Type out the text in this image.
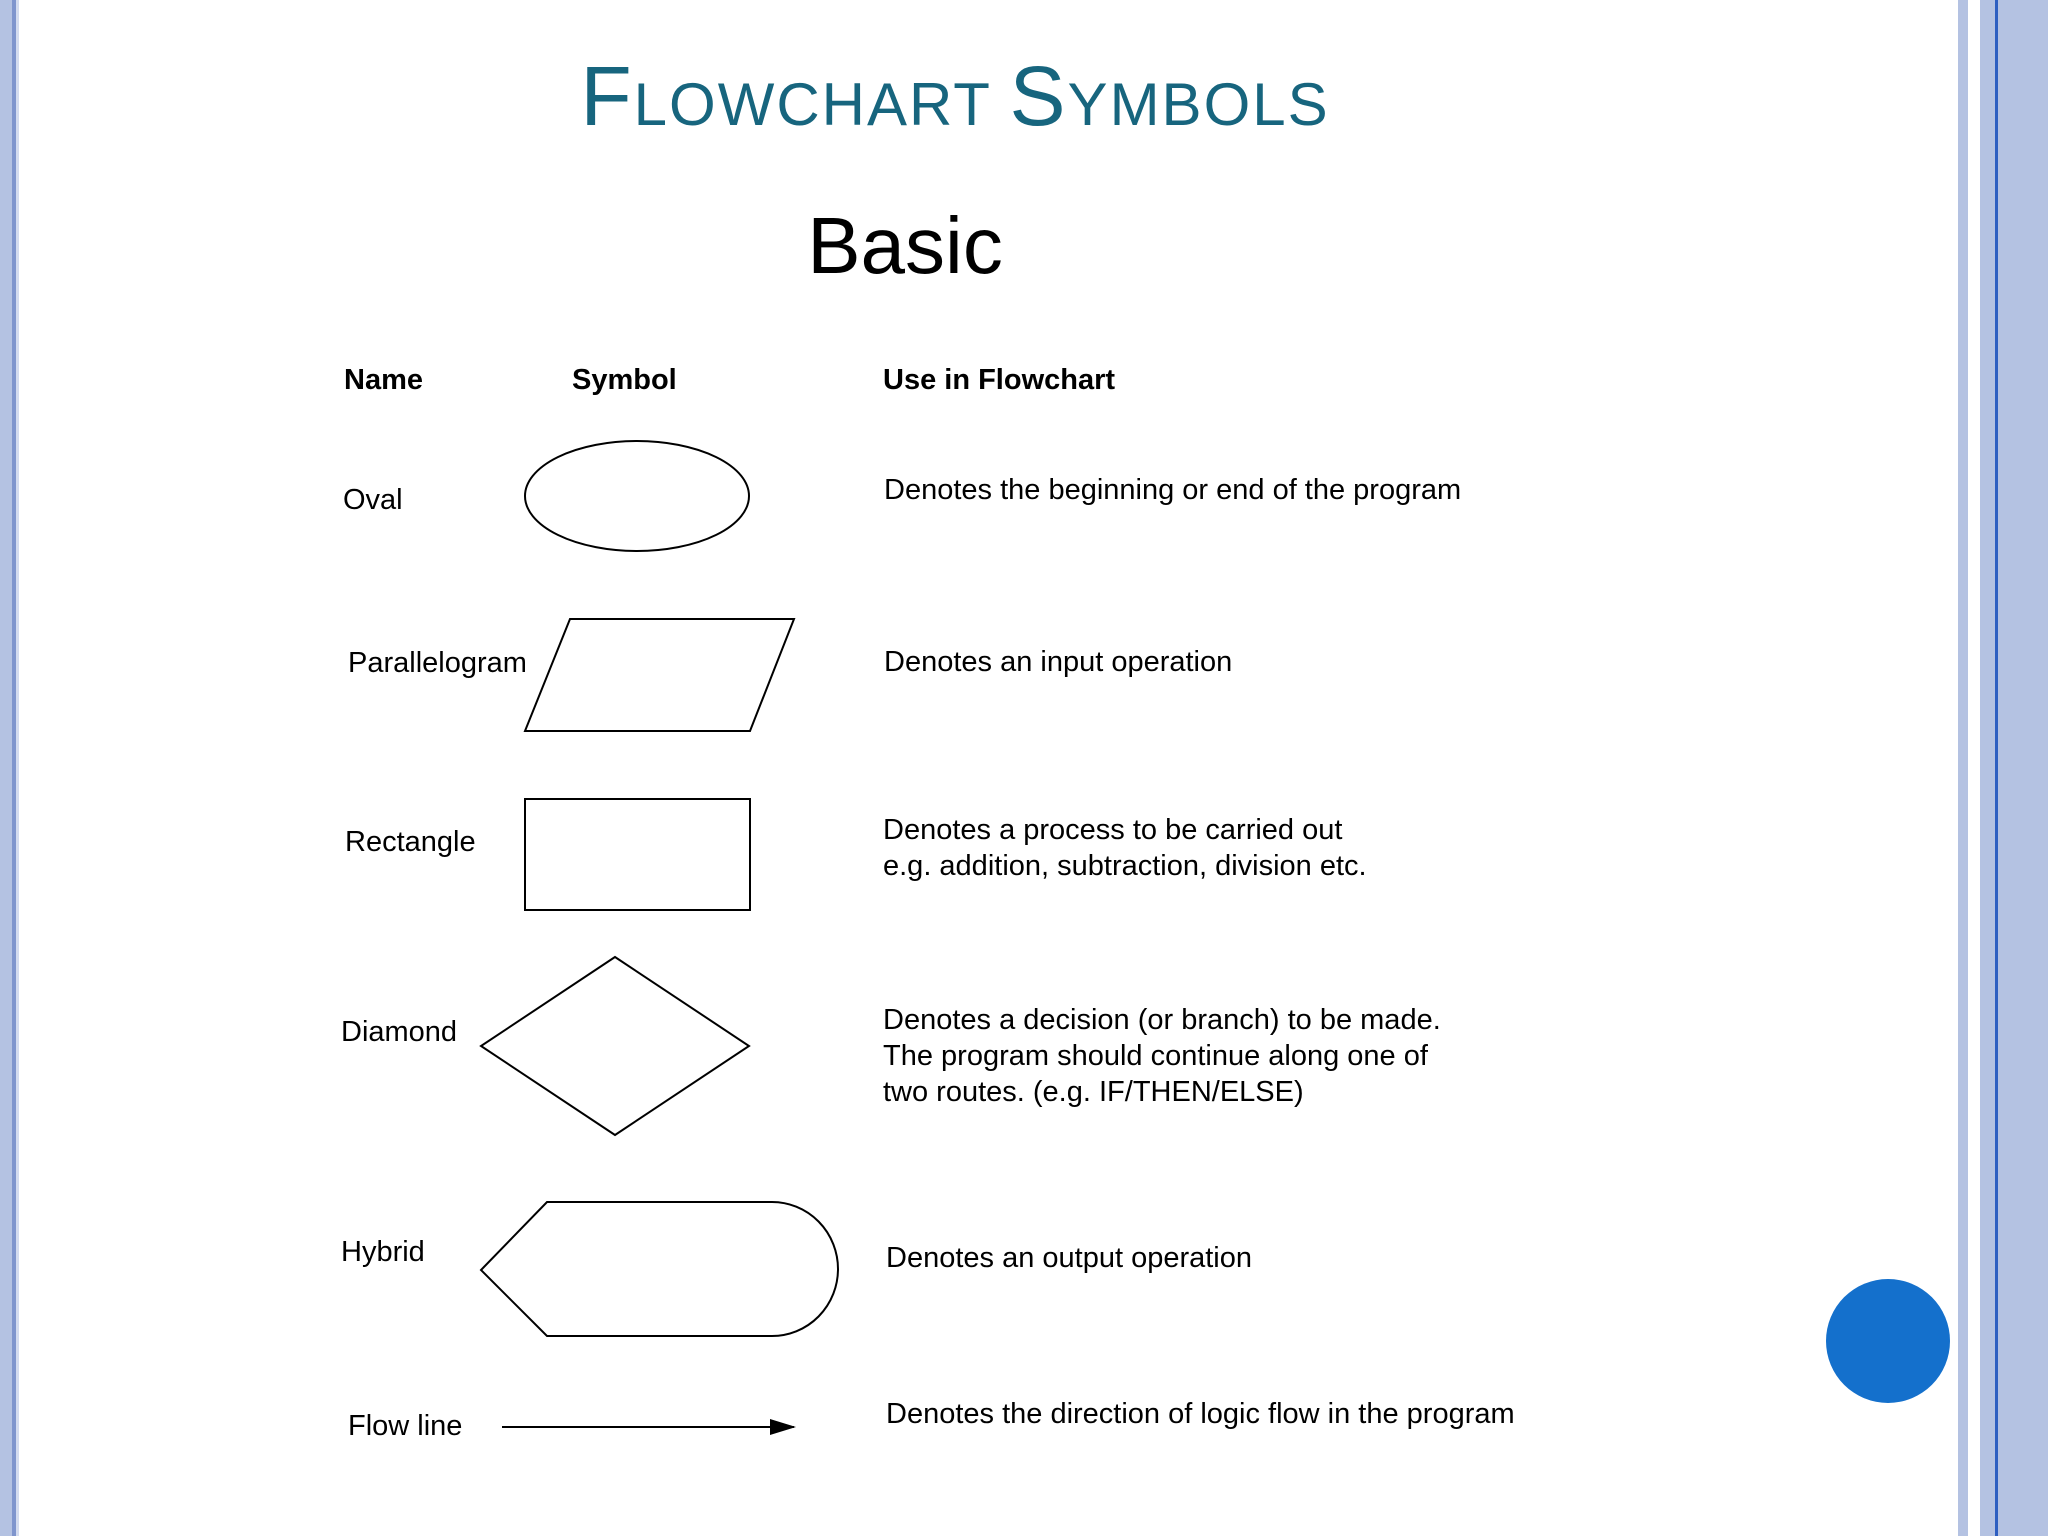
FLOWCHART SYMBOLS
Basic
Name	Symbol	Use in Flowchart
Oval
Parallelogram
Rectangle
Diamond
Hybrid
Flow line
Denotes the beginning or end of the program
Denotes an input operation
Denotes a process to be carried out
e.g. addition, subtraction, division etc.
Denotes a decision (or branch) to be made.
The program should continue along one of
two routes. (e.g. IF/THEN/ELSE)
Denotes an output operation
Denotes the direction of logic flow in the program
